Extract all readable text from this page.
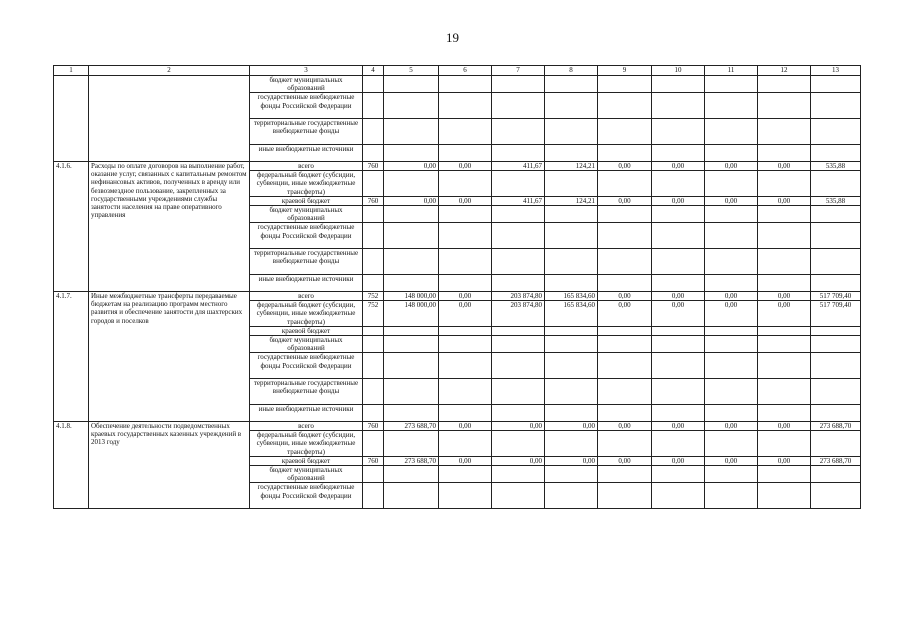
19
1	2	3	4	5	6	7	8	9	10	11	12	13
		бюджет муниципальных образований										
		государственные внебюджетные фонды Российской Федерации										
		территориальные государственные внебюджетные фонды										
		иные внебюджетные источники										
4.1.6.	Расходы по оплате договоров на выполнение работ, оказание услуг, связанных с капитальным ремонтом нефинансовых активов, полученных в аренду или безвозмездное пользование, закрепленных за государственными учреждениями службы занятости населения на праве оперативного управления	всего	760	0,00	0,00	411,67	124,21	0,00	0,00	0,00	0,00	535,88
		федеральный бюджет (субсидии, субвенции, иные межбюджетные трансферты)										
		краевой бюджет	760	0,00	0,00	411,67	124,21	0,00	0,00	0,00	0,00	535,88
		бюджет муниципальных образований										
		государственные внебюджетные фонды Российской Федерации										
		территориальные государственные внебюджетные фонды										
		иные внебюджетные источники										
4.1.7.	Иные межбюджетные трансферты передаваемые бюджетам на реализацию программ местного развития и обеспечение занятости для шахтерских городов и поселков	всего	752	148 000,00	0,00	203 874,80	165 834,60	0,00	0,00	0,00	0,00	517 709,40
		федеральный бюджет (субсидии, субвенции, иные межбюджетные трансферты)	752	148 000,00	0,00	203 874,80	165 834,60	0,00	0,00	0,00	0,00	517 709,40
		краевой бюджет										
		бюджет муниципальных образований										
		государственные внебюджетные фонды Российской Федерации										
		территориальные государственные внебюджетные фонды										
		иные внебюджетные источники										
4.1.8.	Обеспечение деятельности подведомственных краевых государственных казенных учреждений в 2013 году	всего	760	273 688,70	0,00	0,00	0,00	0,00	0,00	0,00	0,00	273 688,70
		федеральный бюджет (субсидии, субвенции, иные межбюджетные трансферты)										
		краевой бюджет	760	273 688,70	0,00	0,00	0,00	0,00	0,00	0,00	0,00	273 688,70
		бюджет муниципальных образований										
		государственные внебюджетные фонды Российской Федерации										
